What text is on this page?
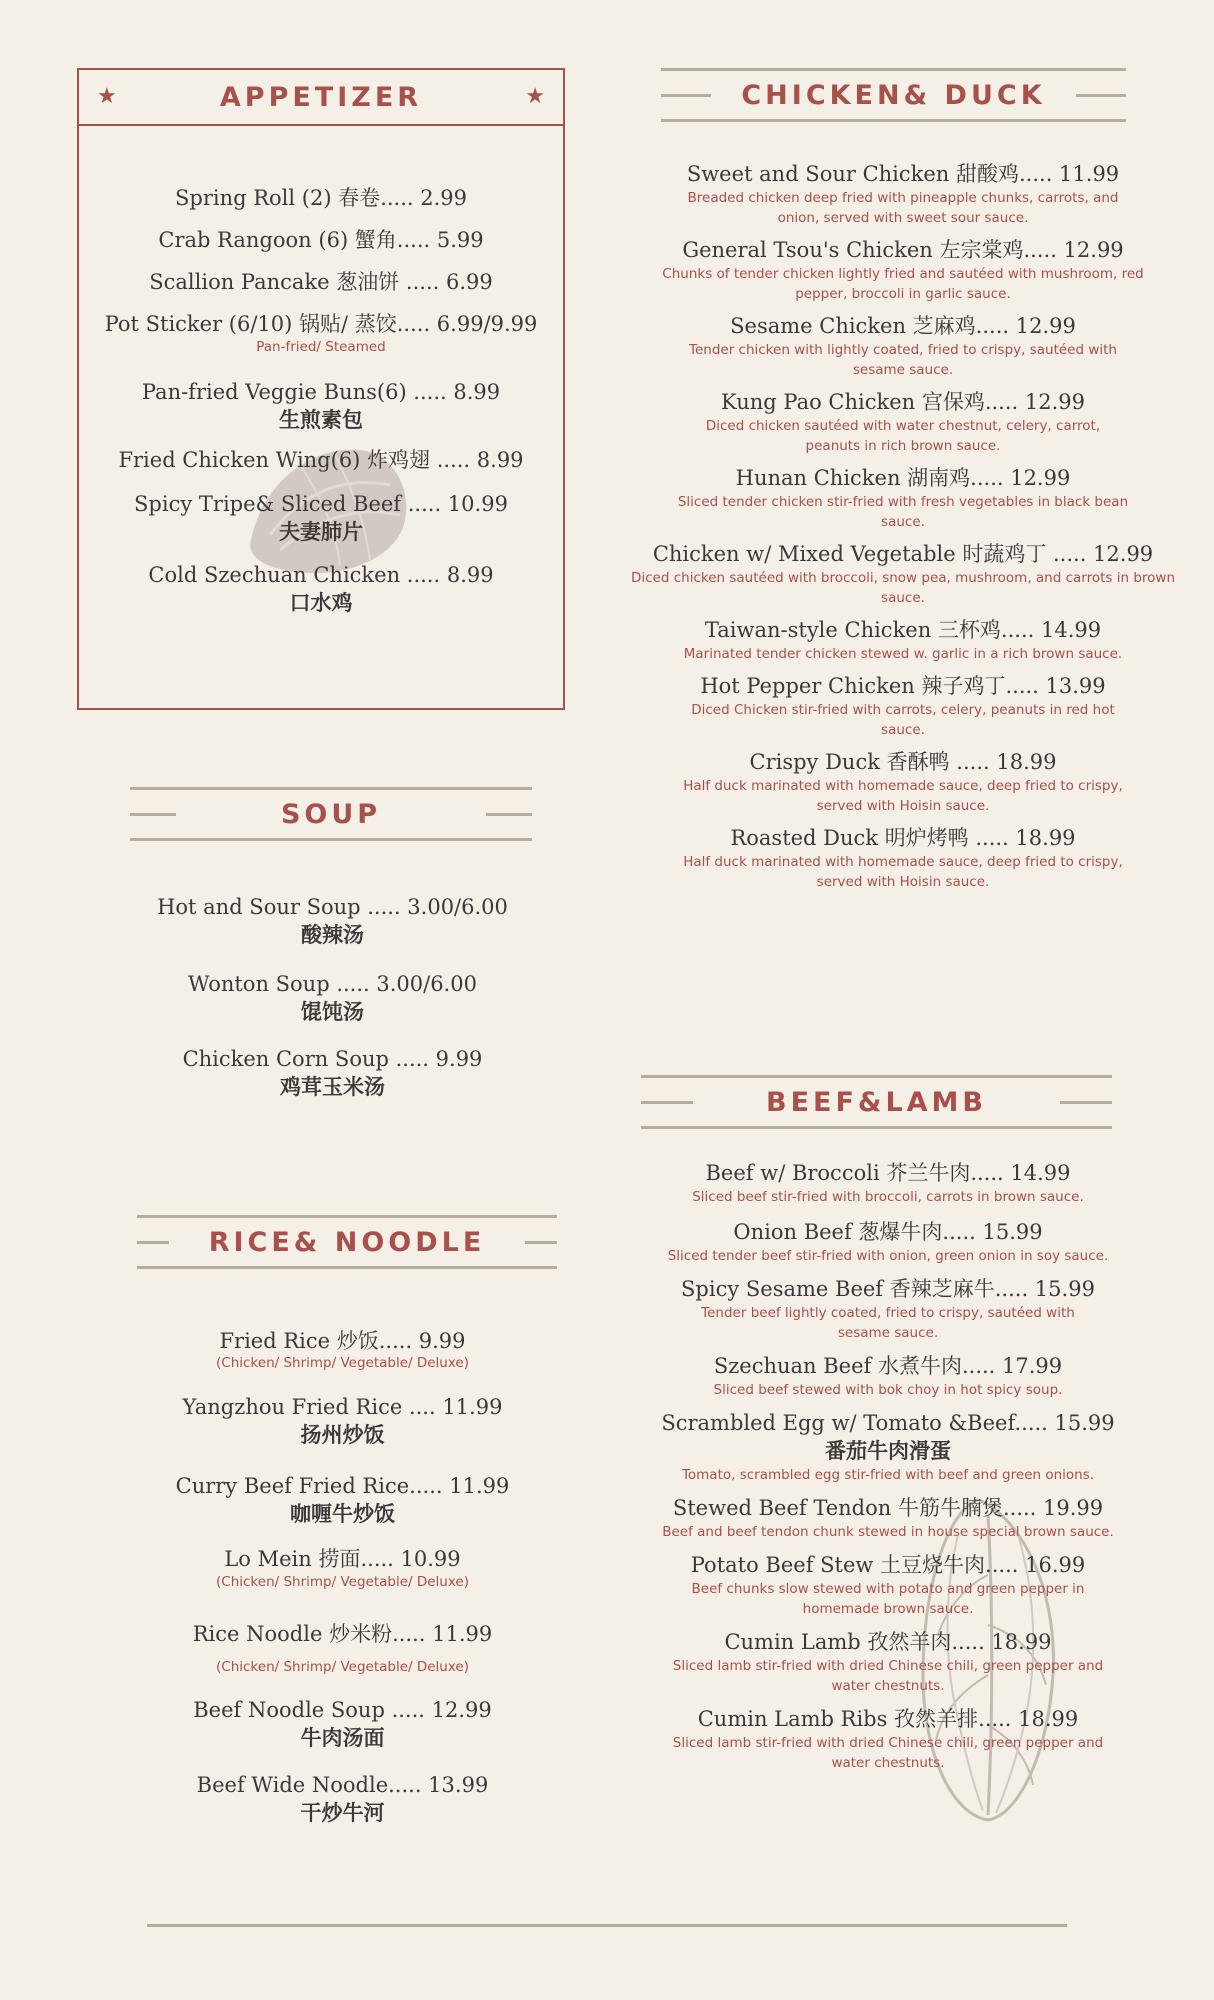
★	APPETIZER	★
Spring Roll (2) 春卷..... 2.99
Crab Rangoon (6) 蟹角..... 5.99
Scallion Pancake 葱油饼 ..... 6.99
Pot Sticker (6/10) 锅贴/ 蒸饺..... 6.99/9.99
Pan-fried/ Steamed
Pan-fried Veggie Buns(6) ..... 8.99
生煎素包
Fried Chicken Wing(6) 炸鸡翅 ..... 8.99
Spicy Tripe& Sliced Beef ..... 10.99
夫妻肺片
Cold Szechuan Chicken ..... 8.99
口水鸡
SOUP
Hot and Sour Soup ..... 3.00/6.00
酸辣汤
Wonton Soup ..... 3.00/6.00
馄饨汤
Chicken Corn Soup ..... 9.99
鸡茸玉米汤
RICE& NOODLE
Fried Rice 炒饭..... 9.99
(Chicken/ Shrimp/ Vegetable/ Deluxe)
Yangzhou Fried Rice .... 11.99
扬州炒饭
Curry Beef Fried Rice..... 11.99
咖喱牛炒饭
Lo Mein 捞面..... 10.99
(Chicken/ Shrimp/ Vegetable/ Deluxe)
Rice Noodle 炒米粉..... 11.99
(Chicken/ Shrimp/ Vegetable/ Deluxe)
Beef Noodle Soup ..... 12.99
牛肉汤面
Beef Wide Noodle..... 13.99
干炒牛河
CHICKEN& DUCK
Sweet and Sour Chicken 甜酸鸡..... 11.99
Breaded chicken deep fried with pineapple chunks, carrots, and onion, served with sweet sour sauce.
General Tsou's Chicken 左宗棠鸡..... 12.99
Chunks of tender chicken lightly fried and sautéed with mushroom, red pepper, broccoli in garlic sauce.
Sesame Chicken 芝麻鸡..... 12.99
Tender chicken with lightly coated, fried to crispy, sautéed with sesame sauce.
Kung Pao Chicken 宫保鸡..... 12.99
Diced chicken sautéed with water chestnut, celery, carrot, peanuts in rich brown sauce.
Hunan Chicken 湖南鸡..... 12.99
Sliced tender chicken stir-fried with fresh vegetables in black bean sauce.
Chicken w/ Mixed Vegetable 时蔬鸡丁 ..... 12.99
Diced chicken sautéed with broccoli, snow pea, mushroom, and carrots in brown sauce.
Taiwan-style Chicken 三杯鸡..... 14.99
Marinated tender chicken stewed w. garlic in a rich brown sauce.
Hot Pepper Chicken 辣子鸡丁..... 13.99
Diced Chicken stir-fried with carrots, celery, peanuts in red hot sauce.
Crispy Duck 香酥鸭 ..... 18.99
Half duck marinated with homemade sauce, deep fried to crispy, served with Hoisin sauce.
Roasted Duck 明炉烤鸭 ..... 18.99
Half duck marinated with homemade sauce, deep fried to crispy, served with Hoisin sauce.
BEEF&LAMB
Beef w/ Broccoli 芥兰牛肉..... 14.99
Sliced beef stir-fried with broccoli, carrots in brown sauce.
Onion Beef 葱爆牛肉..... 15.99
Sliced tender beef stir-fried with onion, green onion in soy sauce.
Spicy Sesame Beef 香辣芝麻牛..... 15.99
Tender beef lightly coated, fried to crispy, sautéed with sesame sauce.
Szechuan Beef 水煮牛肉..... 17.99
Sliced beef stewed with bok choy in hot spicy soup.
Scrambled Egg w/ Tomato &Beef..... 15.99
番茄牛肉滑蛋
Tomato, scrambled egg stir-fried with beef and green onions.
Stewed Beef Tendon 牛筋牛腩煲..... 19.99
Beef and beef tendon chunk stewed in house special brown sauce.
Potato Beef Stew 土豆烧牛肉..... 16.99
Beef chunks slow stewed with potato and green pepper in homemade brown sauce.
Cumin Lamb 孜然羊肉..... 18.99
Sliced lamb stir-fried with dried Chinese chili, green pepper and water chestnuts.
Cumin Lamb Ribs 孜然羊排..... 18.99
Sliced lamb stir-fried with dried Chinese chili, green pepper and water chestnuts.
